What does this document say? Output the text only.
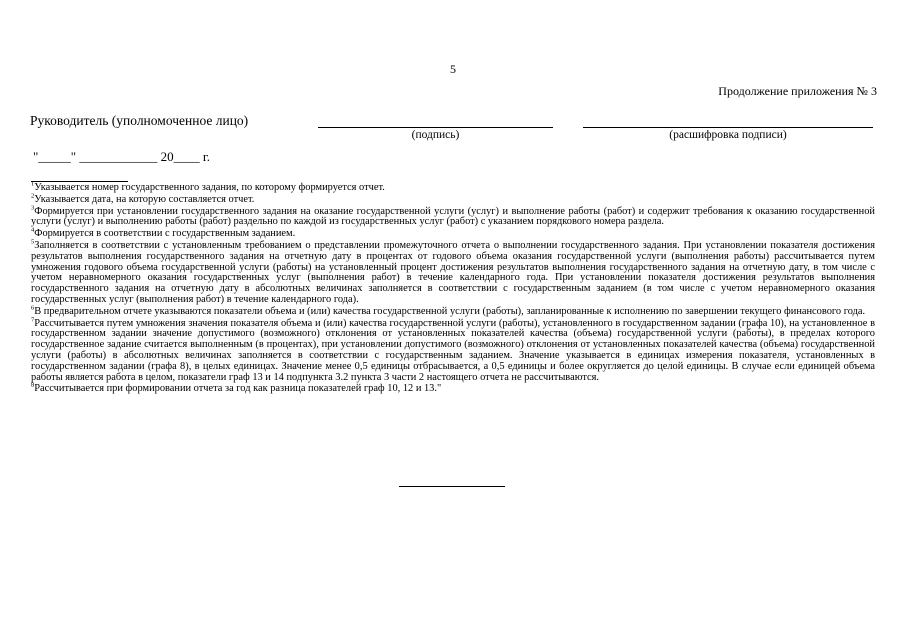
5
Продолжение приложения № 3
Руководитель (уполномоченное лицо)
(подпись)	(расшифровка подписи)
"_____" ____________ 20____ г.

$^1$Указывается номер государственного задания, по которому формируется отчет.

$^2$Указывается дата, на которую составляется отчет.

$^3$Формируется при установлении государственного задания на оказание государственной услуги (услуг) и выполнение работы (работ) и содержит требования к оказанию государственной услуги (услуг) и выполнению работы (работ) раздельно по каждой из государственных услуг (работ) с указанием порядкового номера раздела.

$^4$Формируется в соответствии с государственным заданием.

$^5$Заполняется в соответствии с установленным требованием о представлении промежуточного отчета о выполнении государственного задания. При установлении показателя достижения результатов выполнения государственного задания на отчетную дату в процентах от годового объема оказания государственной услуги (выполнения работы) рассчитывается путем умножения годового объема государственной услуги (работы) на установленный процент достижения результатов выполнения государственного задания на отчетную дату, в том числе с учетом неравномерного оказания государственных услуг (выполнения работ) в течение календарного года. При установлении показателя достижения результатов выполнения государственного задания на отчетную дату в абсолютных величинах заполняется в соответствии с государственным заданием (в том числе с учетом неравномерного оказания государственных услуг (выполнения работ) в течение календарного года).

$^6$В предварительном отчете указываются показатели объема и (или) качества государственной услуги (работы), запланированные к исполнению по завершении текущего финансового года.

$^7$Рассчитывается путем умножения значения показателя объема и (или) качества государственной услуги (работы), установленного в государственном задании (графа 10), на установленное в государственном задании значение допустимого (возможного) отклонения от установленных показателей качества (объема) государственной услуги (работы), в пределах которого государственное задание считается выполненным (в процентах), при установлении допустимого (возможного) отклонения от установленных показателей качества (объема) государственной услуги (работы) в абсолютных величинах заполняется в соответствии с государственным заданием. Значение указывается в единицах измерения показателя, установленных в государственном задании (графа 8), в целых единицах. Значение менее 0,5 единицы отбрасывается, а 0,5 единицы и более округляется до целой единицы. В случае если единицей объема работы является работа в целом, показатели граф 13 и 14 подпункта 3.2 пункта 3 части 2 настоящего отчета не рассчитываются.

$^8$Рассчитывается при формировании отчета за год как разница показателей граф 10, 12 и 13."
